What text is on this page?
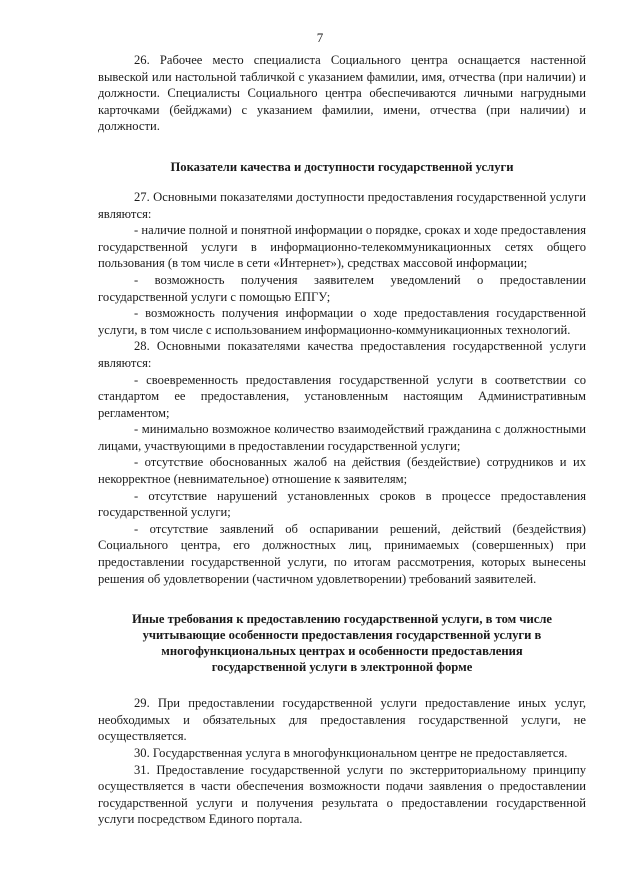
7

26. Рабочее место специалиста Социального центра оснащается настенной вывеской или настольной табличкой с указанием фамилии, имя, отчества (при наличии) и должности. Специалисты Социального центра обеспечиваются личными нагрудными карточками (бейджами) с указанием фамилии, имени, отчества (при наличии) и должности.

Показатели качества и доступности государственной услуги

27. Основными показателями доступности предоставления государственной услуги являются:

- наличие полной и понятной информации о порядке, сроках и ходе предоставления государственной услуги в информационно-телекоммуникационных сетях общего пользования (в том числе в сети «Интернет»), средствах массовой информации;

- возможность получения заявителем уведомлений о предоставлении государственной услуги с помощью ЕПГУ;

- возможность получения информации о ходе предоставления государственной услуги, в том числе с использованием информационно-коммуникационных технологий.

28. Основными показателями качества предоставления государственной услуги являются:

- своевременность предоставления государственной услуги в соответствии со стандартом ее предоставления, установленным настоящим Административным регламентом;

- минимально возможное количество взаимодействий гражданина с должностными лицами, участвующими в предоставлении государственной услуги;

- отсутствие обоснованных жалоб на действия (бездействие) сотрудников и их некорректное (невнимательное) отношение к заявителям;

- отсутствие нарушений установленных сроков в процессе предоставления государственной услуги;

- отсутствие заявлений об оспаривании решений, действий (бездействия) Социального центра, его должностных лиц, принимаемых (совершенных) при предоставлении государственной услуги, по итогам рассмотрения, которых вынесены решения об удовлетворении (частичном удовлетворении) требований заявителей.

Иные требования к предоставлению государственной услуги, в том числе учитывающие особенности предоставления государственной услуги в многофункциональных центрах и особенности предоставления государственной услуги в электронной форме

29. При предоставлении государственной услуги предоставление иных услуг, необходимых и обязательных для предоставления государственной услуги, не осуществляется.

30. Государственная услуга в многофункциональном центре не предоставляется.

31. Предоставление государственной услуги по экстерриториальному принципу осуществляется в части обеспечения возможности подачи заявления о предоставлении государственной услуги и получения результата о предоставлении государственной услуги посредством Единого портала.
